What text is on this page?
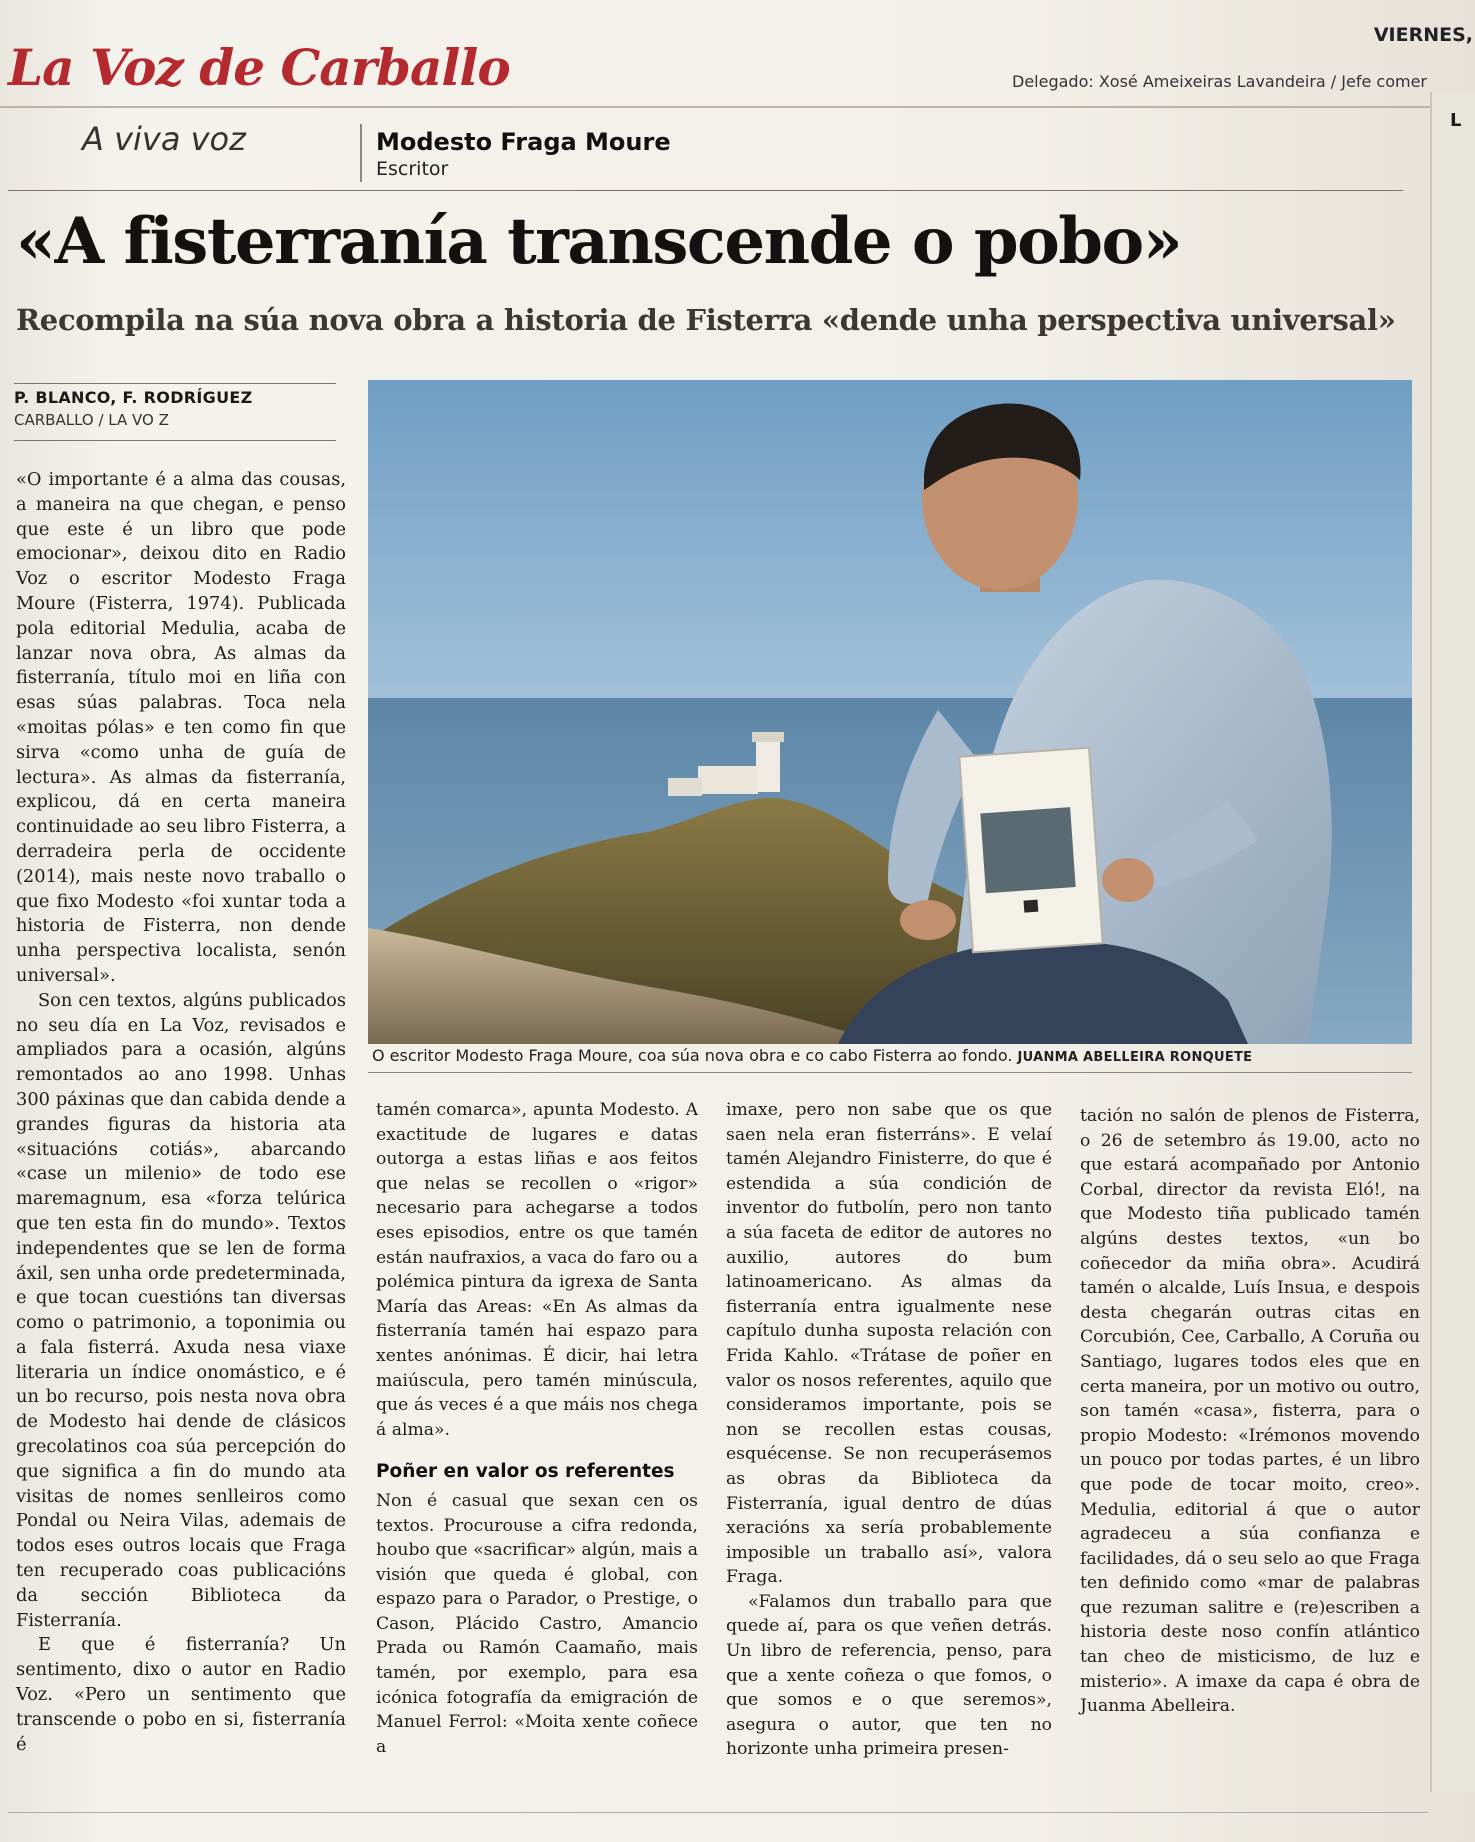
La Voz de Carballo
VIERNES,
Delegado: Xosé Ameixeiras Lavandeira / Jefe comer
L
A viva voz	Modesto Fraga Moure
Escritor
«A fisterranía transcende o pobo»
Recompila na súa nova obra a historia de Fisterra «dende unha perspectiva universal»
P. BLANCO, F. RODRÍGUEZ
CARBALLO / LA VO Z
O escritor Modesto Fraga Moure, coa súa nova obra e co cabo Fisterra ao fondo. JUANMA ABELLEIRA RONQUETE

«O importante é a alma das cousas, a maneira na que chegan, e penso que este é un libro que pode emocionar», deixou dito en Radio Voz o escritor Modesto Fraga Moure (Fisterra, 1974). Publicada pola editorial Medulia, acaba de lanzar nova obra, As almas da fisterranía, título moi en liña con esas súas palabras. Toca nela «moitas pólas» e ten como fin que sirva «como unha de guía de lectura». As almas da fisterranía, explicou, dá en certa maneira continuidade ao seu libro Fisterra, a derradeira perla de occidente (2014), mais neste novo traballo o que fixo Modesto «foi xuntar toda a historia de Fisterra, non dende unha perspectiva localista, senón universal».

Son cen textos, algúns publicados no seu día en La Voz, revisados e ampliados para a ocasión, algúns remontados ao ano 1998. Unhas 300 páxinas que dan cabida dende a grandes figuras da historia ata «situacións cotiás», abarcando «case un milenio» de todo ese maremagnum, esa «forza telúrica que ten esta fin do mundo». Textos independentes que se len de forma áxil, sen unha orde predeterminada, e que tocan cuestións tan diversas como o patrimonio, a toponimia ou a fala fisterrá. Axuda nesa viaxe literaria un índice onomástico, e é un bo recurso, pois nesta nova obra de Modesto hai dende de clásicos grecolatinos coa súa percepción do que significa a fin do mundo ata visitas de nomes senlleiros como Pondal ou Neira Vilas, ademais de todos eses outros locais que Fraga ten recuperado coas publicacións da sección Biblioteca da Fisterranía.

E que é fisterranía? Un sentimento, dixo o autor en Radio Voz. «Pero un sentimento que transcende o pobo en si, fisterranía é

tamén comarca», apunta Modesto. A exactitude de lugares e datas outorga a estas liñas e aos feitos que nelas se recollen o «rigor» necesario para achegarse a todos eses episodios, entre os que tamén están naufraxios, a vaca do faro ou a polémica pintura da igrexa de Santa María das Areas: «En As almas da fisterranía tamén hai espazo para xentes anónimas. É dicir, hai letra maiúscula, pero tamén minúscula, que ás veces é a que máis nos chega á alma».

Poñer en valor os referentes

Non é casual que sexan cen os textos. Procurouse a cifra redonda, houbo que «sacrificar» algún, mais a visión que queda é global, con espazo para o Parador, o Prestige, o Cason, Plácido Castro, Amancio Prada ou Ramón Caamaño, mais tamén, por exemplo, para esa icónica fotografía da emigración de Manuel Ferrol: «Moita xente coñece a

imaxe, pero non sabe que os que saen nela eran fisterráns». E velaí tamén Alejandro Finisterre, do que é estendida a súa condición de inventor do futbolín, pero non tanto a súa faceta de editor de autores no auxilio, autores do bum latinoamericano. As almas da fisterranía entra igualmente nese capítulo dunha suposta relación con Frida Kahlo. «Trátase de poñer en valor os nosos referentes, aquilo que consideramos importante, pois se non se recollen estas cousas, esquécense. Se non recuperásemos as obras da Biblioteca da Fisterranía, igual dentro de dúas xeracións xa sería probablemente imposible un traballo así», valora Fraga.

«Falamos dun traballo para que quede aí, para os que veñen detrás. Un libro de referencia, penso, para que a xente coñeza o que fomos, o que somos e o que seremos», asegura o autor, que ten no horizonte unha primeira presen-

tación no salón de plenos de Fisterra, o 26 de setembro ás 19.00, acto no que estará acompañado por Antonio Corbal, director da revista Eló!, na que Modesto tiña publicado tamén algúns destes textos, «un bo coñecedor da miña obra». Acudirá tamén o alcalde, Luís Insua, e despois desta chegarán outras citas en Corcubión, Cee, Carballo, A Coruña ou Santiago, lugares todos eles que en certa maneira, por un motivo ou outro, son tamén «casa», fisterra, para o propio Modesto: «Irémonos movendo un pouco por todas partes, é un libro que pode de tocar moito, creo». Medulia, editorial á que o autor agradeceu a súa confianza e facilidades, dá o seu selo ao que Fraga ten definido como «mar de palabras que rezuman salitre e (re)escriben a historia deste noso confín atlántico tan cheo de misticismo, de luz e misterio». A imaxe da capa é obra de Juanma Abelleira.
